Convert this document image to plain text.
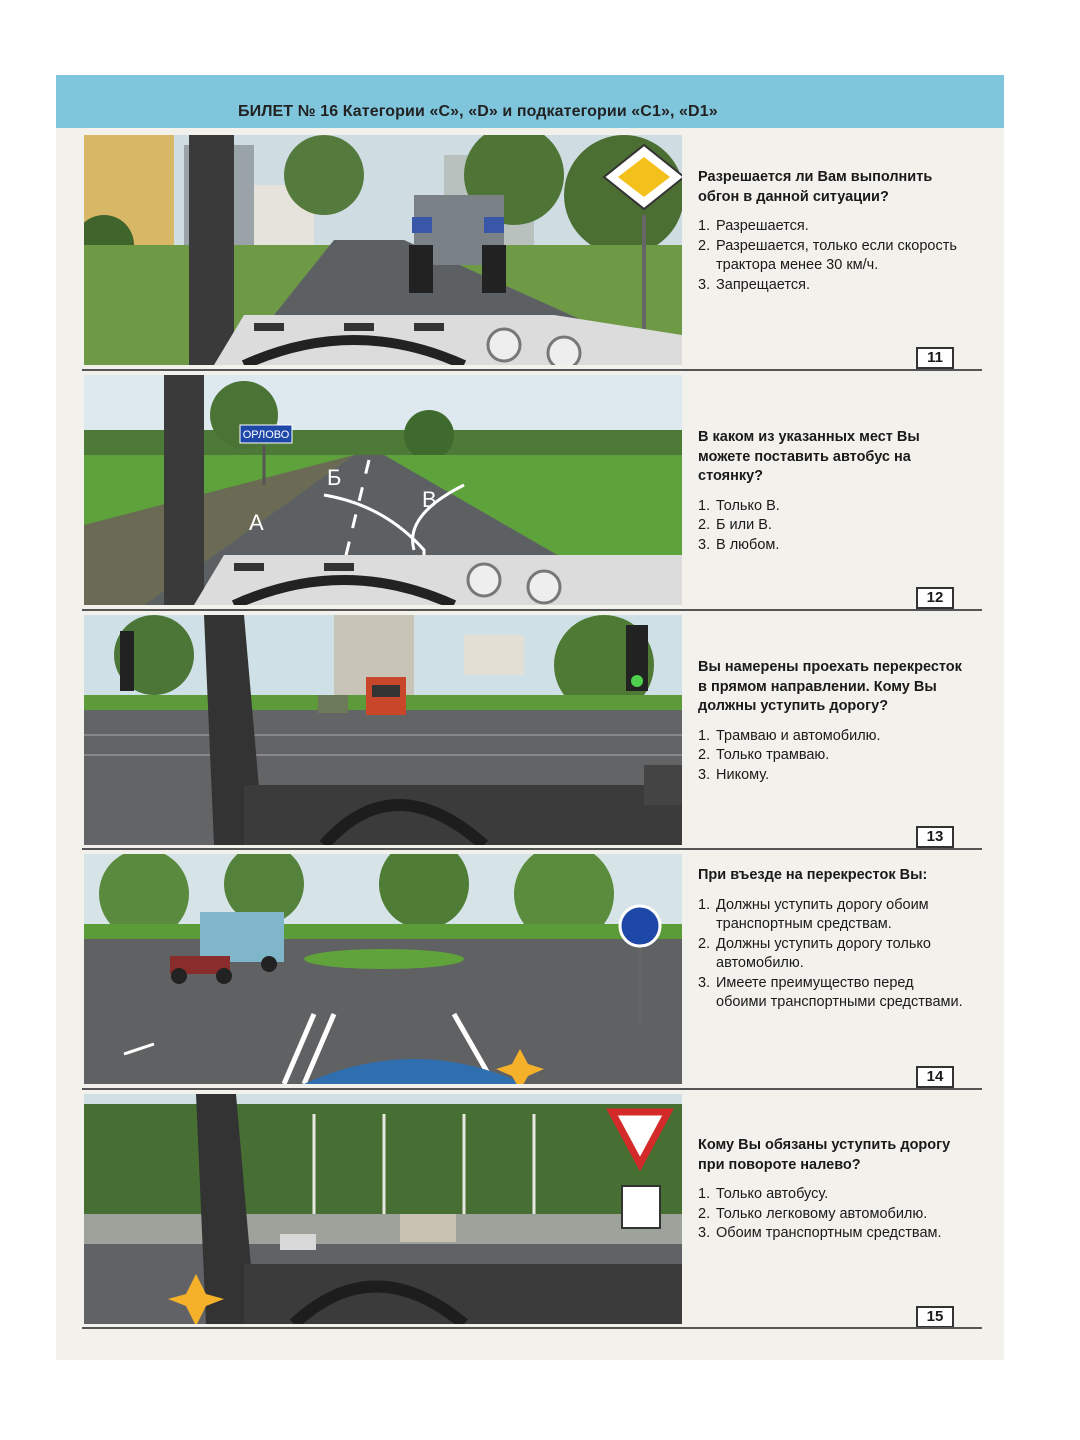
БИЛЕТ № 16 Категории «С», «D» и подкатегории «С1», «D1»

Разрешается ли Вам выполнить обгон в данной ситуации?

1. Разрешается.
2. Разрешается, только если скорость трактора менее 30 км/ч.
3. Запрещается.
11
ОРЛОВО
А
Б
В

В каком из указанных мест Вы можете поставить автобус на стоянку?

1. Только В.
2. Б или В.
3. В любом.
12

Вы намерены проехать перекресток в прямом направлении. Кому Вы должны уступить дорогу?

1. Трамваю и автомобилю.
2. Только трамваю.
3. Никому.
13

При въезде на перекресток Вы:

1. Должны уступить дорогу обоим транспортным средствам.
2. Должны уступить дорогу только автомобилю.
3. Имеете преимущество перед обоими транспортными средствами.
14

Кому Вы обязаны уступить дорогу при повороте налево?

1. Только автобусу.
2. Только легковому автомобилю.
3. Обоим транспортным средствам.
15
